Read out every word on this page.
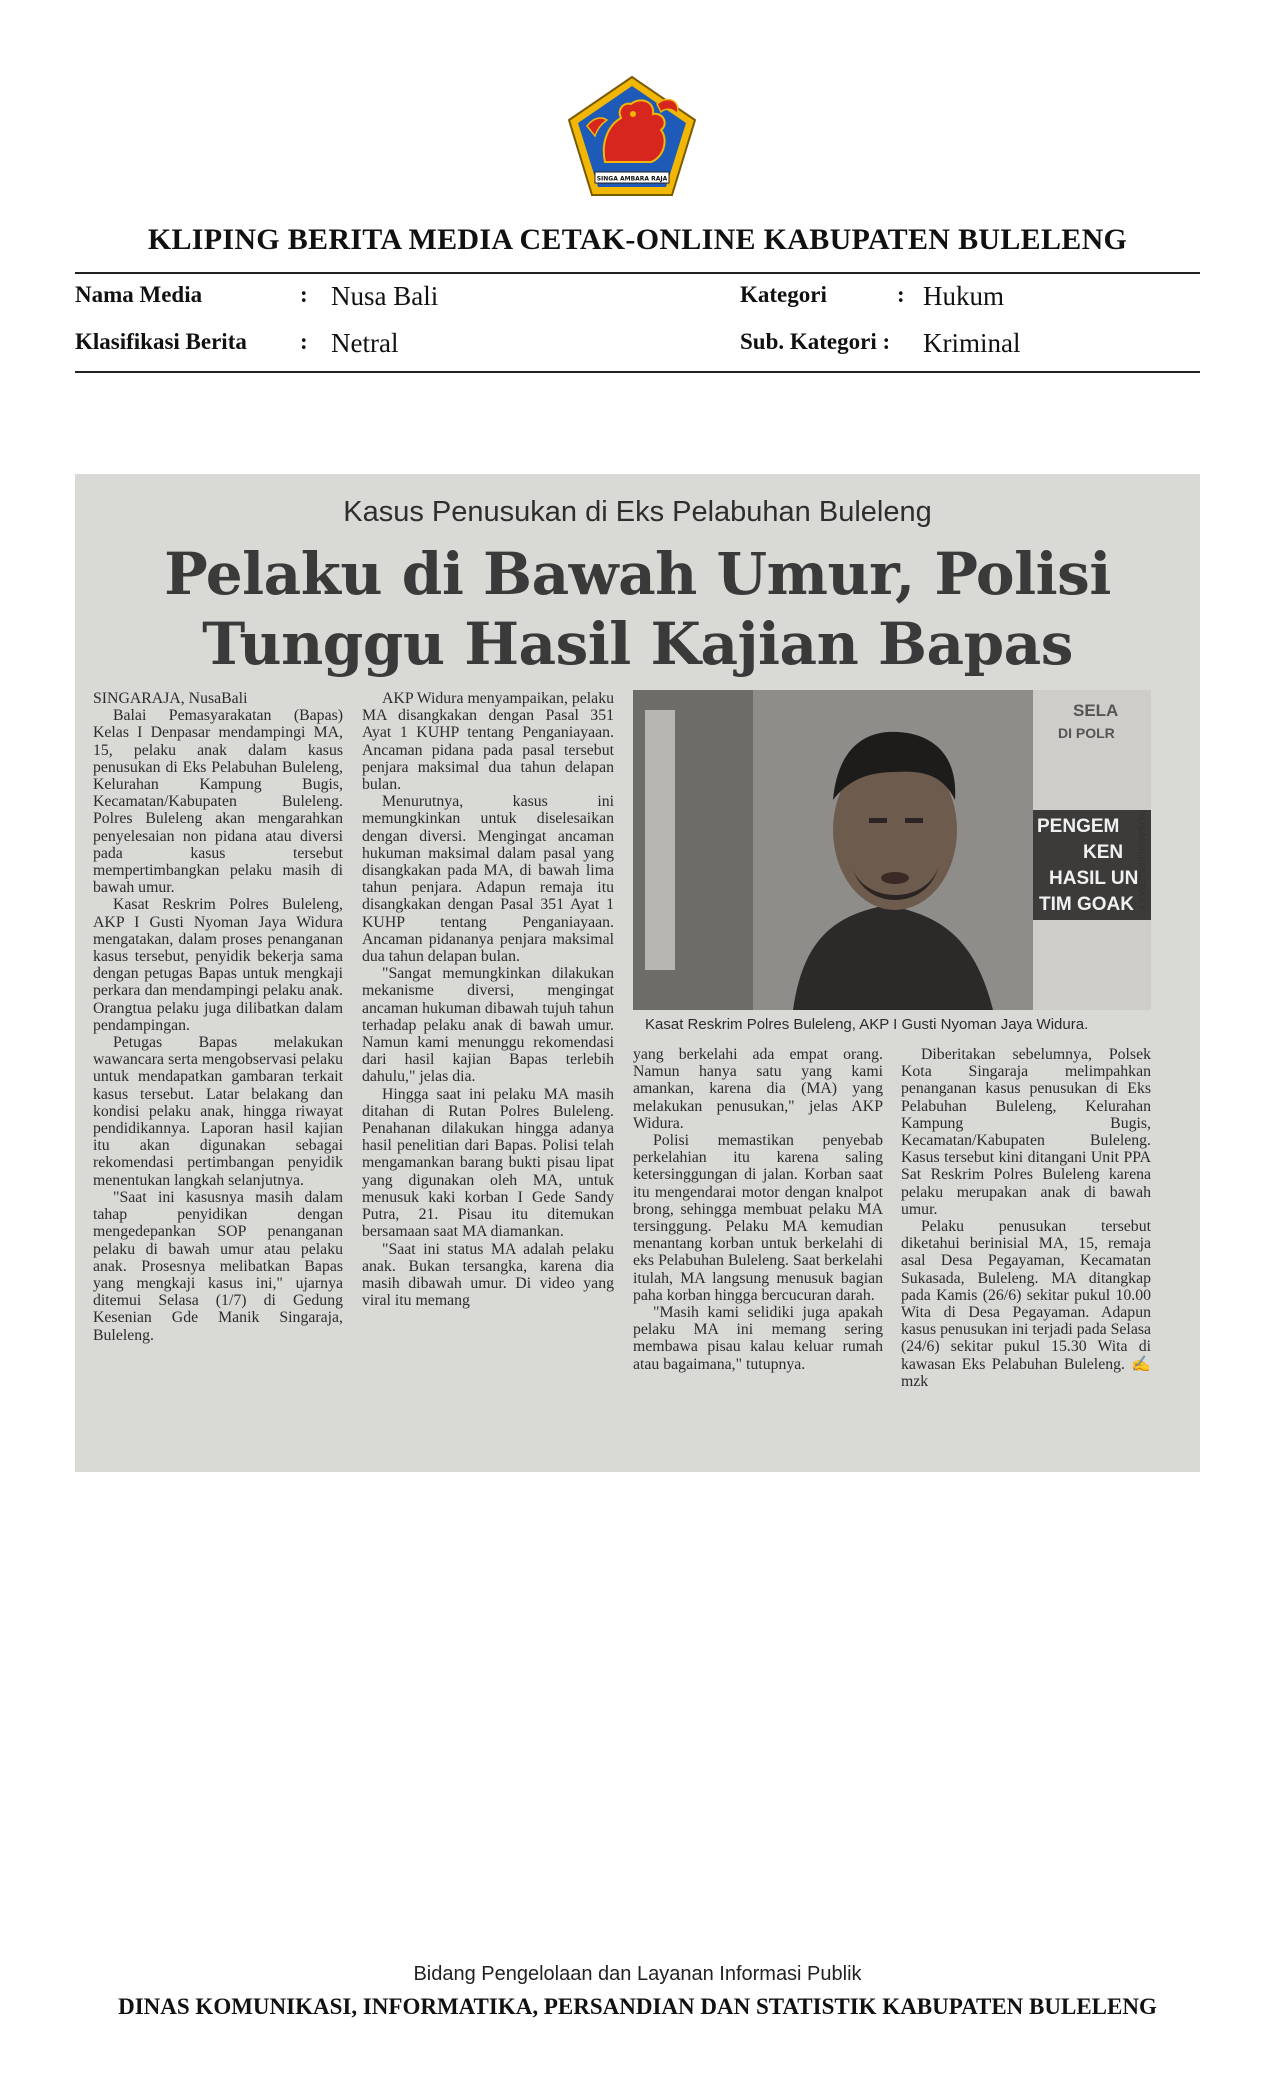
SINGA AMBARA RAJA
KLIPING BERITA MEDIA CETAK-ONLINE KABUPATEN BULELENG
Nama Media	: Nusa Bali	Kategori	: Hukum
Klasifikasi Berita : Netral	Sub. Kategori : Kriminal
Kasus Penusukan di Eks Pelabuhan Buleleng
Pelaku di Bawah Umur, Polisi
Tunggu Hasil Kajian Bapas

SINGARAJA, NusaBali

Balai Pemasyarakatan (Bapas) Kelas I Denpasar mendampingi MA, 15, pelaku anak dalam kasus penusukan di Eks Pelabuhan Buleleng, Kelurahan Kampung Bugis, Kecamatan/Kabupaten Buleleng. Polres Buleleng akan mengarahkan penyelesaian non pidana atau diversi pada kasus tersebut mempertimbangkan pelaku masih di bawah umur.

Kasat Reskrim Polres Buleleng, AKP I Gusti Nyoman Jaya Widura mengatakan, dalam proses penanganan kasus tersebut, penyidik bekerja sama dengan petugas Bapas untuk mengkaji perkara dan mendampingi pelaku anak. Orangtua pelaku juga dilibatkan dalam pendampingan.

Petugas Bapas melakukan wawancara serta mengobservasi pelaku untuk mendapatkan gambaran terkait kasus tersebut. Latar belakang dan kondisi pelaku anak, hingga riwayat pendidikannya. Laporan hasil kajian itu akan digunakan sebagai rekomendasi pertimbangan penyidik menentukan langkah selanjutnya.

"Saat ini kasusnya masih dalam tahap penyidikan dengan mengedepankan SOP penanganan pelaku di bawah umur atau pelaku anak. Prosesnya melibatkan Bapas yang mengkaji kasus ini," ujarnya ditemui Selasa (1/7) di Gedung Kesenian Gde Manik Singaraja, Buleleng.

AKP Widura menyampaikan, pelaku MA disangkakan dengan Pasal 351 Ayat 1 KUHP tentang Penganiayaan. Ancaman pidana pada pasal tersebut penjara maksimal dua tahun delapan bulan.

Menurutnya, kasus ini memungkinkan untuk diselesaikan dengan diversi. Mengingat ancaman hukuman maksimal dalam pasal yang disangkakan pada MA, di bawah lima tahun penjara. Adapun remaja itu disangkakan dengan Pasal 351 Ayat 1 KUHP tentang Penganiayaan. Ancaman pidananya penjara maksimal dua tahun delapan bulan.

"Sangat memungkinkan dilakukan mekanisme diversi, mengingat ancaman hukuman dibawah tujuh tahun terhadap pelaku anak di bawah umur. Namun kami menunggu rekomendasi dari hasil kajian Bapas terlebih dahulu," jelas dia.

Hingga saat ini pelaku MA masih ditahan di Rutan Polres Buleleng. Penahanan dilakukan hingga adanya hasil penelitian dari Bapas. Polisi telah mengamankan barang bukti pisau lipat yang digunakan oleh MA, untuk menusuk kaki korban I Gede Sandy Putra, 21. Pisau itu ditemukan bersamaan saat MA diamankan.

"Saat ini status MA adalah pelaku anak. Bukan tersangka, karena dia masih dibawah umur. Di video yang viral itu memang

SELA
DI POLR
PENGEM
KEN
HASIL UN
TIM GOAK NUSABALI/MUZAKKY
Kasat Reskrim Polres Buleleng, AKP I Gusti Nyoman Jaya Widura.

yang berkelahi ada empat orang. Namun hanya satu yang kami amankan, karena dia (MA) yang melakukan penusukan," jelas AKP Widura.

Polisi memastikan penyebab perkelahian itu karena saling ketersinggungan di jalan. Korban saat itu mengendarai motor dengan knalpot brong, sehingga membuat pelaku MA tersinggung. Pelaku MA kemudian menantang korban untuk berkelahi di eks Pelabuhan Buleleng. Saat berkelahi itulah, MA langsung menusuk bagian paha korban hingga bercucuran darah.

"Masih kami selidiki juga apakah pelaku MA ini memang sering membawa pisau kalau keluar rumah atau bagaimana," tutupnya.

Diberitakan sebelumnya, Polsek Kota Singaraja melimpahkan penanganan kasus penusukan di Eks Pelabuhan Buleleng, Kelurahan Kampung Bugis, Kecamatan/Kabupaten Buleleng. Kasus tersebut kini ditangani Unit PPA Sat Reskrim Polres Buleleng karena pelaku merupakan anak di bawah umur.

Pelaku penusukan tersebut diketahui berinisial MA, 15, remaja asal Desa Pegayaman, Kecamatan Sukasada, Buleleng. MA ditangkap pada Kamis (26/6) sekitar pukul 10.00 Wita di Desa Pegayaman. Adapun kasus penusukan ini terjadi pada Selasa (24/6) sekitar pukul 15.30 Wita di kawasan Eks Pelabuhan Buleleng. ✍ mzk

Bidang Pengelolaan dan Layanan Informasi Publik
DINAS KOMUNIKASI, INFORMATIKA, PERSANDIAN DAN STATISTIK KABUPATEN BULELENG
